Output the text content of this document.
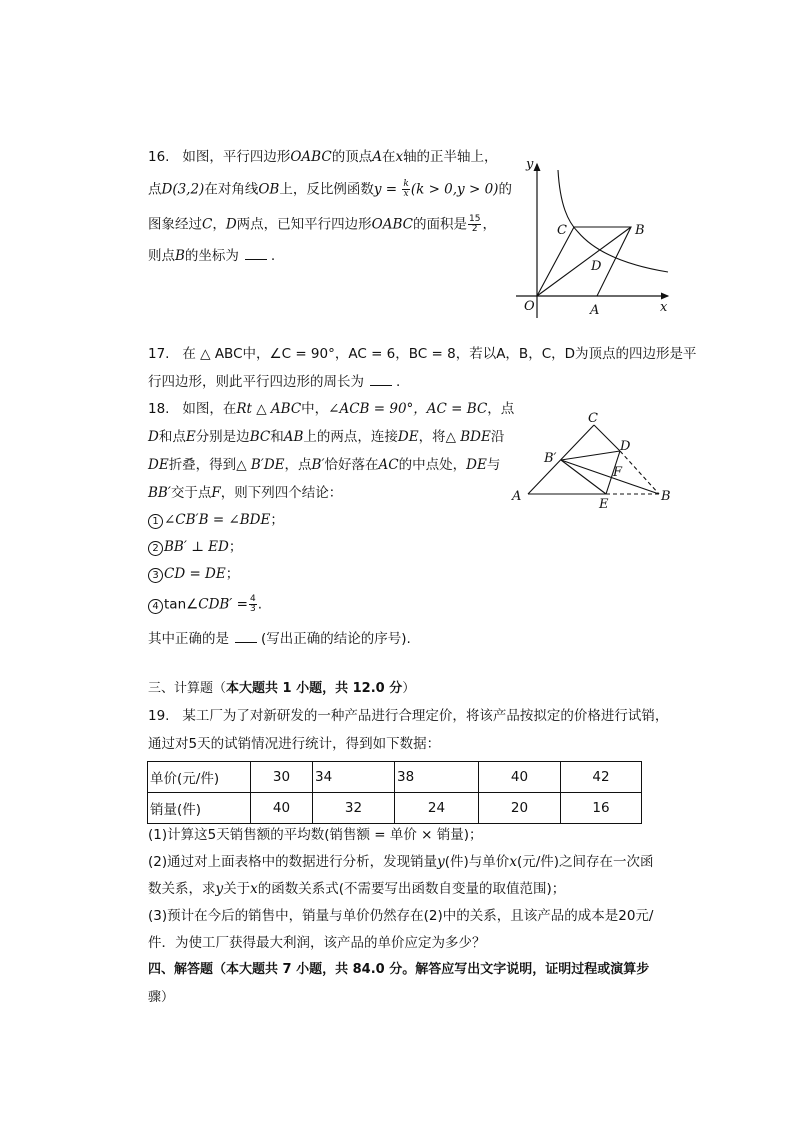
16. 如图，平行四边形OABC的顶点A在x轴的正半轴上，
点D(3,2)在对角线OB上，反比例函数$y = \frac{k}{x} (k > 0,y > 0)$的
图象经过C，D两点，已知平行四边形OABC的面积是 $\frac{15}{2}$ ，
则点B的坐标为 .
y
x
O	A
B
C
D
17. 在 △ ABC中，∠C = 90°，AC = 6，BC = 8，若以A，B，C，D为顶点的四边形是平
行四边形，则此平行四边形的周长为 .
18. 如图，在Rt △ ABC中，∠ACB = 90°，AC = BC，点
D和点E分别是边BC和AB上的两点，连接DE，将△ BDE沿
DE折叠，得到△ B′DE，点B′恰好落在AC的中点处，DE与
BB′交于点F，则下列四个结论：
1 ∠CB′B = ∠BDE；
2 BB′ ⊥ ED；
3 CD = DE；
4 tan∠CDB′ = $\frac{4}{3}$ .
其中正确的是 (写出正确的结论的序号).
A	B
C
D
E
F
B′
三、计算题（本大题共 1 小题，共 12.0 分）
19. 某工厂为了对新研发的一种产品进行合理定价，将该产品按拟定的价格进行试销，
通过对5天的试销情况进行统计，得到如下数据：
单价(元/件)	30	34	38	40	42
销量(件)	40	32	24	20	16
(1)计算这5天销售额的平均数(销售额 = 单价 × 销量)；
(2)通过对上面表格中的数据进行分析，发现销量y(件)与单价x(元/件)之间存在一次函
数关系，求y关于x的函数关系式(不需要写出函数自变量的取值范围)；
(3)预计在今后的销售中，销量与单价仍然存在(2)中的关系，且该产品的成本是20元/
件．为使工厂获得最大利润，该产品的单价应定为多少？
四、解答题（本大题共 7 小题，共 84.0 分。解答应写出文字说明，证明过程或演算步
骤）
